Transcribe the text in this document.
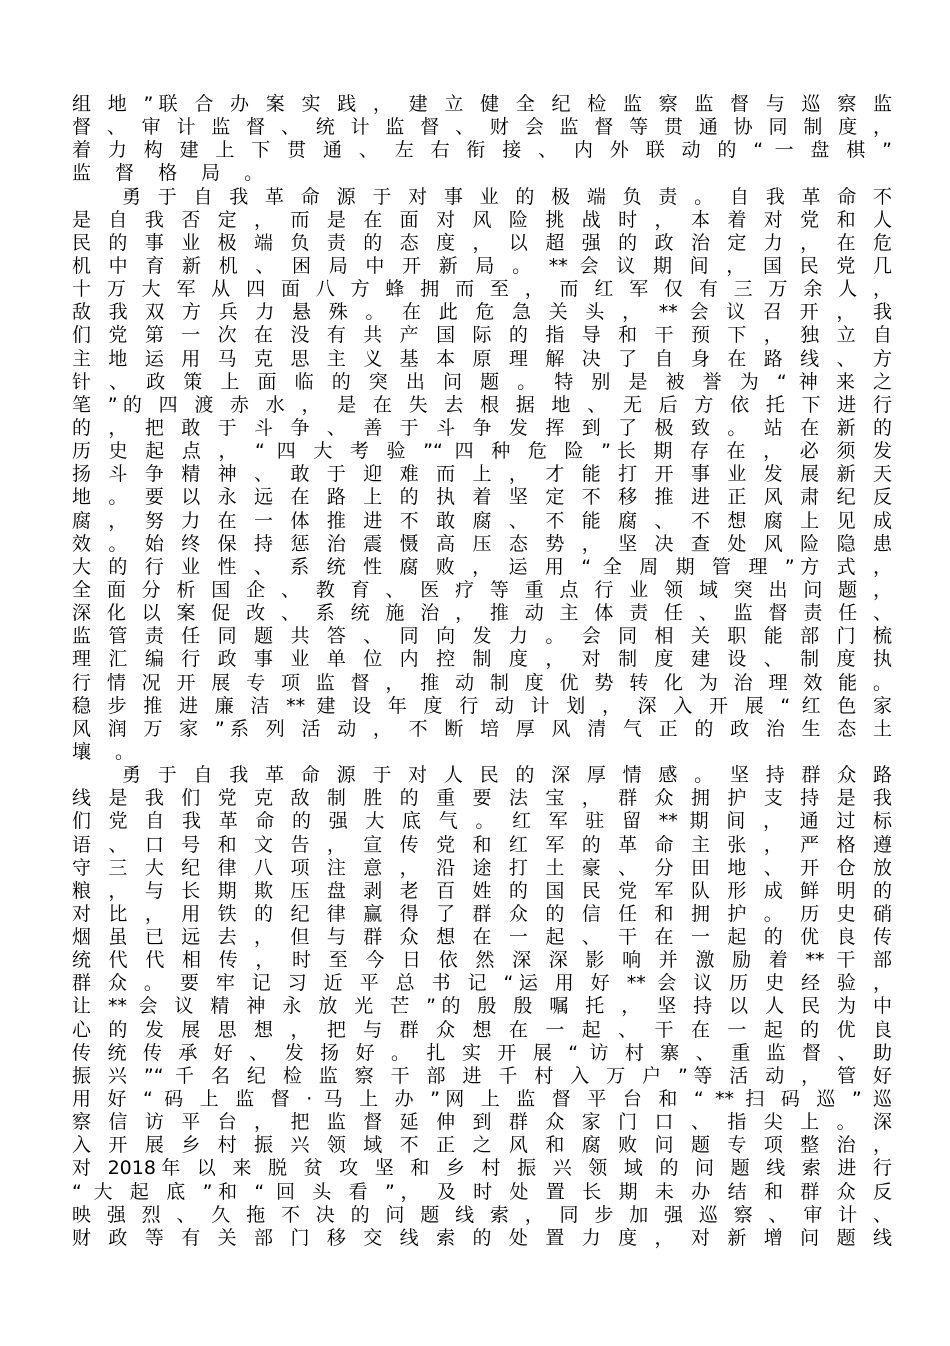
组 地 ”联 合 办 案 实 践 ， 建 立 健 全 纪 检 监 察 监 督 与 巡 察 监
督 、 审 计 监 督 、 统 计 监 督 、 财 会 监 督 等 贯 通 协 同 制 度 ，
着 力 构 建 上 下 贯 通 、 左 右 衔 接 、 内 外 联 动 的 “ 一 盘 棋 ”
监 督 格 局 。
勇 于 自 我 革 命 源 于 对 事 业 的 极 端 负 责 。 自 我 革 命 不
是 自 我 否 定 ， 而 是 在 面 对 风 险 挑 战 时 ， 本 着 对 党 和 人
民 的 事 业 极 端 负 责 的 态 度 ， 以 超 强 的 政 治 定 力 ， 在 危
机 中 育 新 机 、 困 局 中 开 新 局 。 ** 会 议 期 间 ， 国 民 党 几
十 万 大 军 从 四 面 八 方 蜂 拥 而 至 ， 而 红 军 仅 有 三 万 余 人 ，
敌 我 双 方 兵 力 悬 殊 。 在 此 危 急 关 头 ， ** 会 议 召 开 ， 我
们 党 第 一 次 在 没 有 共 产 国 际 的 指 导 和 干 预 下 ， 独 立 自
主 地 运 用 马 克 思 主 义 基 本 原 理 解 决 了 自 身 在 路 线 、 方
针 、 政 策 上 面 临 的 突 出 问 题 。 特 别 是 被 誉 为 “ 神 来 之
笔 ”的 四 渡 赤 水 ， 是 在 失 去 根 据 地 、 无 后 方 依 托 下 进 行
的 ， 把 敢 于 斗 争 、 善 于 斗 争 发 挥 到 了 极 致 。 站 在 新 的
历 史 起 点 ， “ 四 大 考 验 ”“ 四 种 危 险 ”长 期 存 在 ， 必 须 发
扬 斗 争 精 神 、 敢 于 迎 难 而 上 ， 才 能 打 开 事 业 发 展 新 天
地 。 要 以 永 远 在 路 上 的 执 着 坚 定 不 移 推 进 正 风 肃 纪 反
腐 ， 努 力 在 一 体 推 进 不 敢 腐 、 不 能 腐 、 不 想 腐 上 见 成
效 。 始 终 保 持 惩 治 震 慑 高 压 态 势 ， 坚 决 查 处 风 险 隐 患
大 的 行 业 性 、 系 统 性 腐 败 ， 运 用 “ 全 周 期 管 理 ”方 式 ，
全 面 分 析 国 企 、 教 育 、 医 疗 等 重 点 行 业 领 域 突 出 问 题 ，
深 化 以 案 促 改 、 系 统 施 治 ， 推 动 主 体 责 任 、 监 督 责 任 、
监 管 责 任 同 题 共 答 、 同 向 发 力 。 会 同 相 关 职 能 部 门 梳
理 汇 编 行 政 事 业 单 位 内 控 制 度 ， 对 制 度 建 设 、 制 度 执
行 情 况 开 展 专 项 监 督 ， 推 动 制 度 优 势 转 化 为 治 理 效 能 。
稳 步 推 进 廉 洁 ** 建 设 年 度 行 动 计 划 ， 深 入 开 展 “ 红 色 家
风 润 万 家 ”系 列 活 动 ， 不 断 培 厚 风 清 气 正 的 政 治 生 态 土
壤 。
勇 于 自 我 革 命 源 于 对 人 民 的 深 厚 情 感 。 坚 持 群 众 路
线 是 我 们 党 克 敌 制 胜 的 重 要 法 宝 ， 群 众 拥 护 支 持 是 我
们 党 自 我 革 命 的 强 大 底 气 。 红 军 驻 留 ** 期 间 ， 通 过 标
语 、 口 号 和 文 告 ， 宣 传 党 和 红 军 的 革 命 主 张 ， 严 格 遵
守 三 大 纪 律 八 项 注 意 ， 沿 途 打 土 豪 、 分 田 地 、 开 仓 放
粮 ， 与 长 期 欺 压 盘 剥 老 百 姓 的 国 民 党 军 队 形 成 鲜 明 的
对 比 ， 用 铁 的 纪 律 赢 得 了 群 众 的 信 任 和 拥 护 。 历 史 硝
烟 虽 已 远 去 ， 但 与 群 众 想 在 一 起 、 干 在 一 起 的 优 良 传
统 代 代 相 传 ， 时 至 今 日 依 然 深 深 影 响 并 激 励 着 ** 干 部
群 众 。 要 牢 记 习 近 平 总 书 记 “运 用 好 ** 会 议 历 史 经 验 ，
让 ** 会 议 精 神 永 放 光 芒 ”的 殷 殷 嘱 托 ， 坚 持 以 人 民 为 中
心 的 发 展 思 想 ， 把 与 群 众 想 在 一 起 、 干 在 一 起 的 优 良
传 统 传 承 好 、 发 扬 好 。 扎 实 开 展 “ 访 村 寨 、 重 监 督 、 助
振 兴 ”“ 千 名 纪 检 监 察 干 部 进 千 村 入 万 户 ”等 活 动 ， 管 好
用 好 “ 码 上 监 督 · 马 上 办 ”网 上 监 督 平 台 和 “ ** 扫 码 巡 ” 巡
察 信 访 平 台 ， 把 监 督 延 伸 到 群 众 家 门 口 、 指 尖 上 。 深
入 开 展 乡 村 振 兴 领 域 不 正 之 风 和 腐 败 问 题 专 项 整 治 ，
对 2018年 以 来 脱 贫 攻 坚 和 乡 村 振 兴 领 域 的 问 题 线 索 进 行
“ 大 起 底 ”和 “ 回 头 看 ”， 及 时 处 置 长 期 未 办 结 和 群 众 反
映 强 烈 、 久 拖 不 决 的 问 题 线 索 ， 同 步 加 强 巡 察 、 审 计 、
财 政 等 有 关 部 门 移 交 线 索 的 处 置 力 度 ， 对 新 增 问 题 线
